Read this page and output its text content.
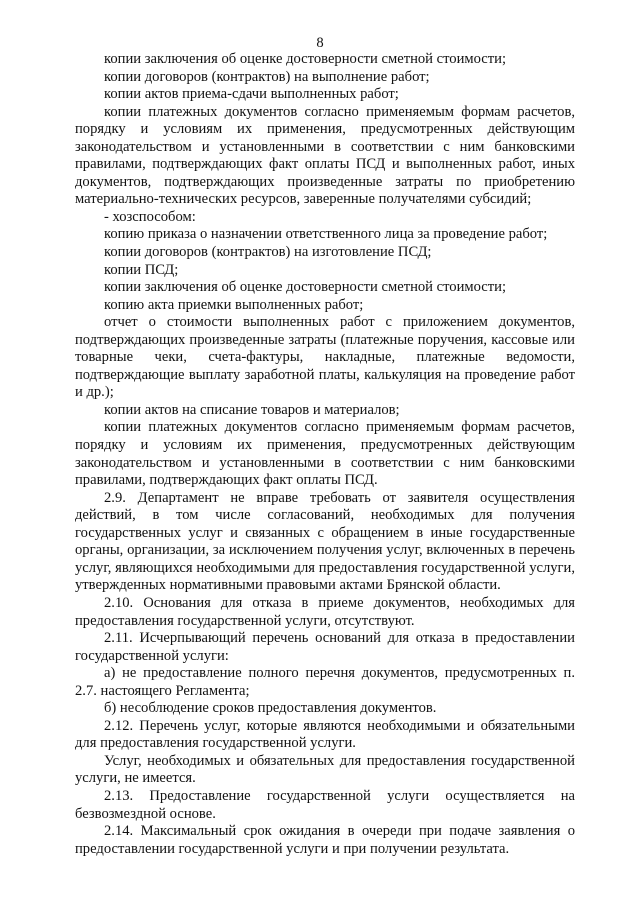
8

копии заключения об оценке достоверности сметной стоимости;

копии договоров (контрактов) на выполнение работ;

копии актов приема-сдачи выполненных работ;

копии платежных документов согласно применяемым формам расчетов, порядку и условиям их применения, предусмотренных действующим законодательством и установленными в соответствии с ним банковскими правилами, подтверждающих факт оплаты ПСД и выполненных работ, иных документов, подтверждающих произведенные затраты по приобретению материально-технических ресурсов, заверенные получателями субсидий;

- хозспособом:

копию приказа о назначении ответственного лица за проведение работ;

копии договоров (контрактов) на изготовление ПСД;

копии ПСД;

копии заключения об оценке достоверности сметной стоимости;

копию акта приемки выполненных работ;

отчет о стоимости выполненных работ с приложением документов, подтверждающих произведенные затраты (платежные поручения, кассовые или товарные чеки, счета-фактуры, накладные, платежные ведомости, подтверждающие выплату заработной платы, калькуляция на проведение работ и др.);

копии актов на списание товаров и материалов;

копии платежных документов согласно применяемым формам расчетов, порядку и условиям их применения, предусмотренных действующим законодательством и установленными в соответствии с ним банковскими правилами, подтверждающих факт оплаты ПСД.

2.9. Департамент не вправе требовать от заявителя осуществления действий, в том числе согласований, необходимых для получения государственных услуг и связанных с обращением в иные государственные органы, организации, за исключением получения услуг, включенных в перечень услуг, являющихся необходимыми для предоставления государственной услуги, утвержденных нормативными правовыми актами Брянской области.

2.10. Основания для отказа в приеме документов, необходимых для предоставления государственной услуги, отсутствуют.

2.11. Исчерпывающий перечень оснований для отказа в предоставлении государственной услуги:

а) не предоставление полного перечня документов, предусмотренных п. 2.7. настоящего Регламента;

б) несоблюдение сроков предоставления документов.

2.12. Перечень услуг, которые являются необходимыми и обязательными для предоставления государственной услуги.

Услуг, необходимых и обязательных для предоставления государственной услуги, не имеется.

2.13. Предоставление государственной услуги осуществляется на безвозмездной основе.

2.14. Максимальный срок ожидания в очереди при подаче заявления о предоставлении государственной услуги и при получении результата.
